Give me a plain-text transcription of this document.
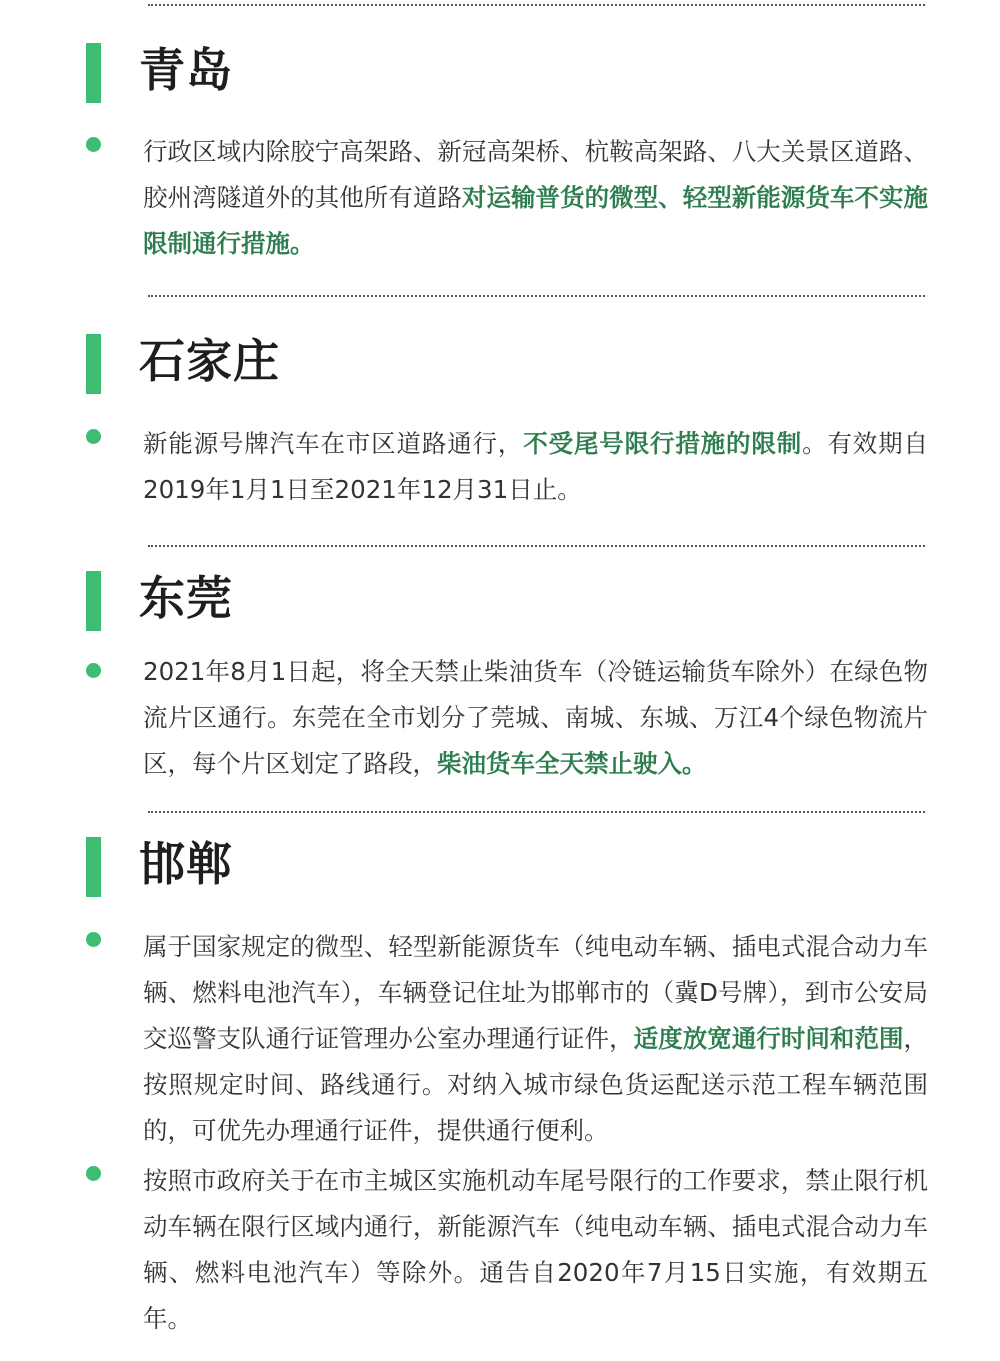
青岛

行政区域内除胶宁高架路、新冠高架桥、杭鞍高架路、八大关景区道路、胶州湾隧道外的其他所有道路对运输普货的微型、轻型新能源货车不实施限制通行措施。

石家庄

新能源号牌汽车在市区道路通行，不受尾号限行措施的限制。有效期自2019年1月1日至2021年12月31日止。

东莞

2021年8月1日起，将全天禁止柴油货车（冷链运输货车除外）在绿色物流片区通行。东莞在全市划分了莞城、南城、东城、万江4个绿色物流片区，每个片区划定了路段，柴油货车全天禁止驶入。

邯郸

属于国家规定的微型、轻型新能源货车（纯电动车辆、插电式混合动力车辆、燃料电池汽车），车辆登记住址为邯郸市的（冀D号牌），到市公安局交巡警支队通行证管理办公室办理通行证件，适度放宽通行时间和范围，按照规定时间、路线通行。对纳入城市绿色货运配送示范工程车辆范围的，可优先办理通行证件，提供通行便利。

按照市政府关于在市主城区实施机动车尾号限行的工作要求，禁止限行机动车辆在限行区域内通行，新能源汽车（纯电动车辆、插电式混合动力车辆、燃料电池汽车）等除外。通告自2020年7月15日实施，有效期五年。
